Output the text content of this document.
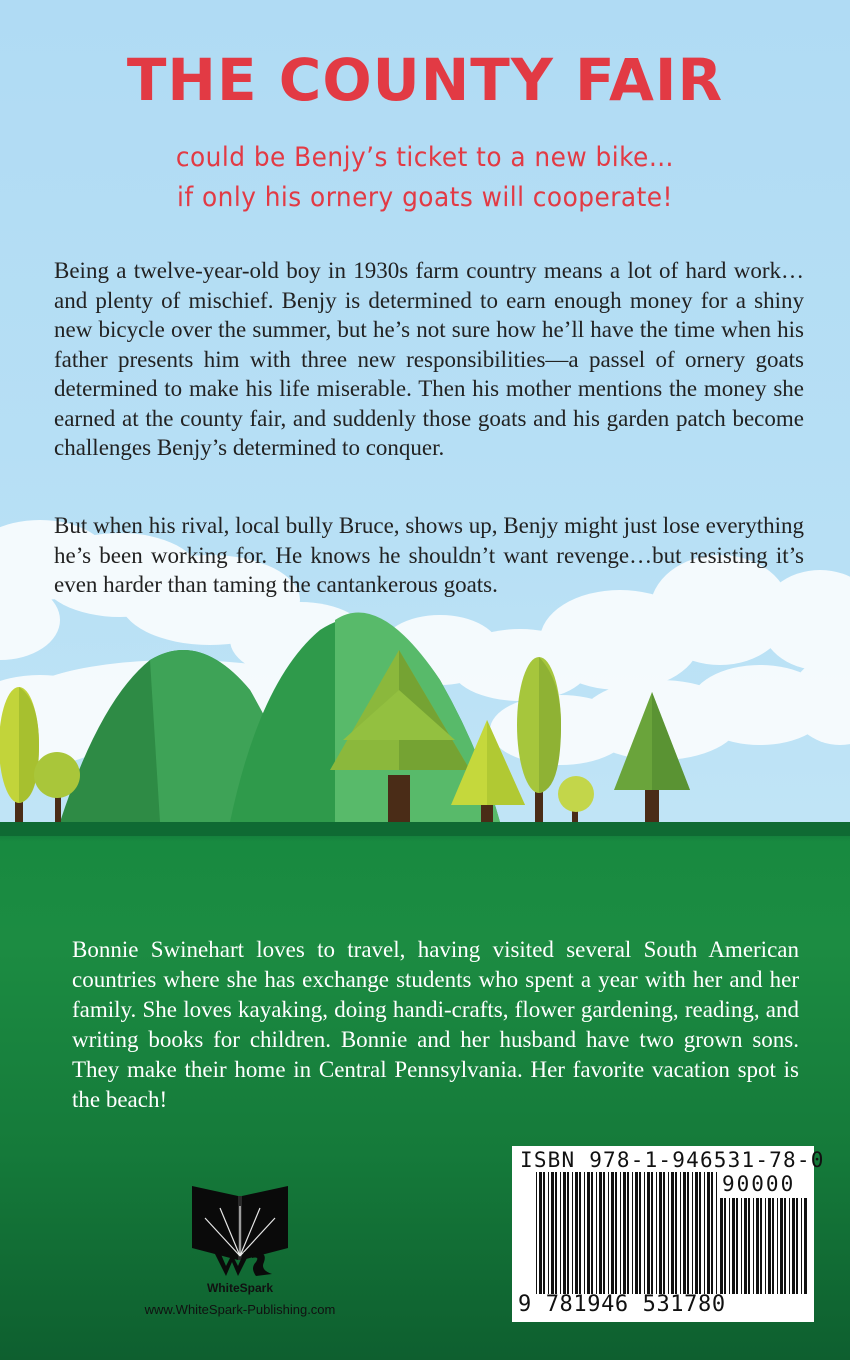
THE COUNTY FAIR
could be Benjy’s ticket to a new bike…
if only his ornery goats will cooperate!

Being a twelve-year-old boy in 1930s farm country means a lot of hard work…and plenty of mischief. Benjy is determined to earn enough money for a shiny new bicycle over the summer, but he’s not sure how he’ll have the time when his father presents him with three new responsibilities—a passel of ornery goats determined to make his life miserable. Then his mother mentions the money she earned at the county fair, and suddenly those goats and his garden patch become challenges Benjy’s determined to conquer.

But when his rival, local bully Bruce, shows up, Benjy might just lose everything he’s been working for. He knows he shouldn’t want revenge…but resisting it’s even harder than taming the cantankerous goats.

Bonnie Swinehart loves to travel, having visited several South American countries where she has exchange students who spent a year with her and her family. She loves kayaking, doing handi-crafts, flower gardening, reading, and writing books for children. Bonnie and her husband have two grown sons. They make their home in Central Pennsylvania. Her favorite vacation spot is the beach!

WhiteSpark
www.WhiteSpark-Publishing.com
ISBN 978-1-946531-78-0
90000
9 781946 531780
